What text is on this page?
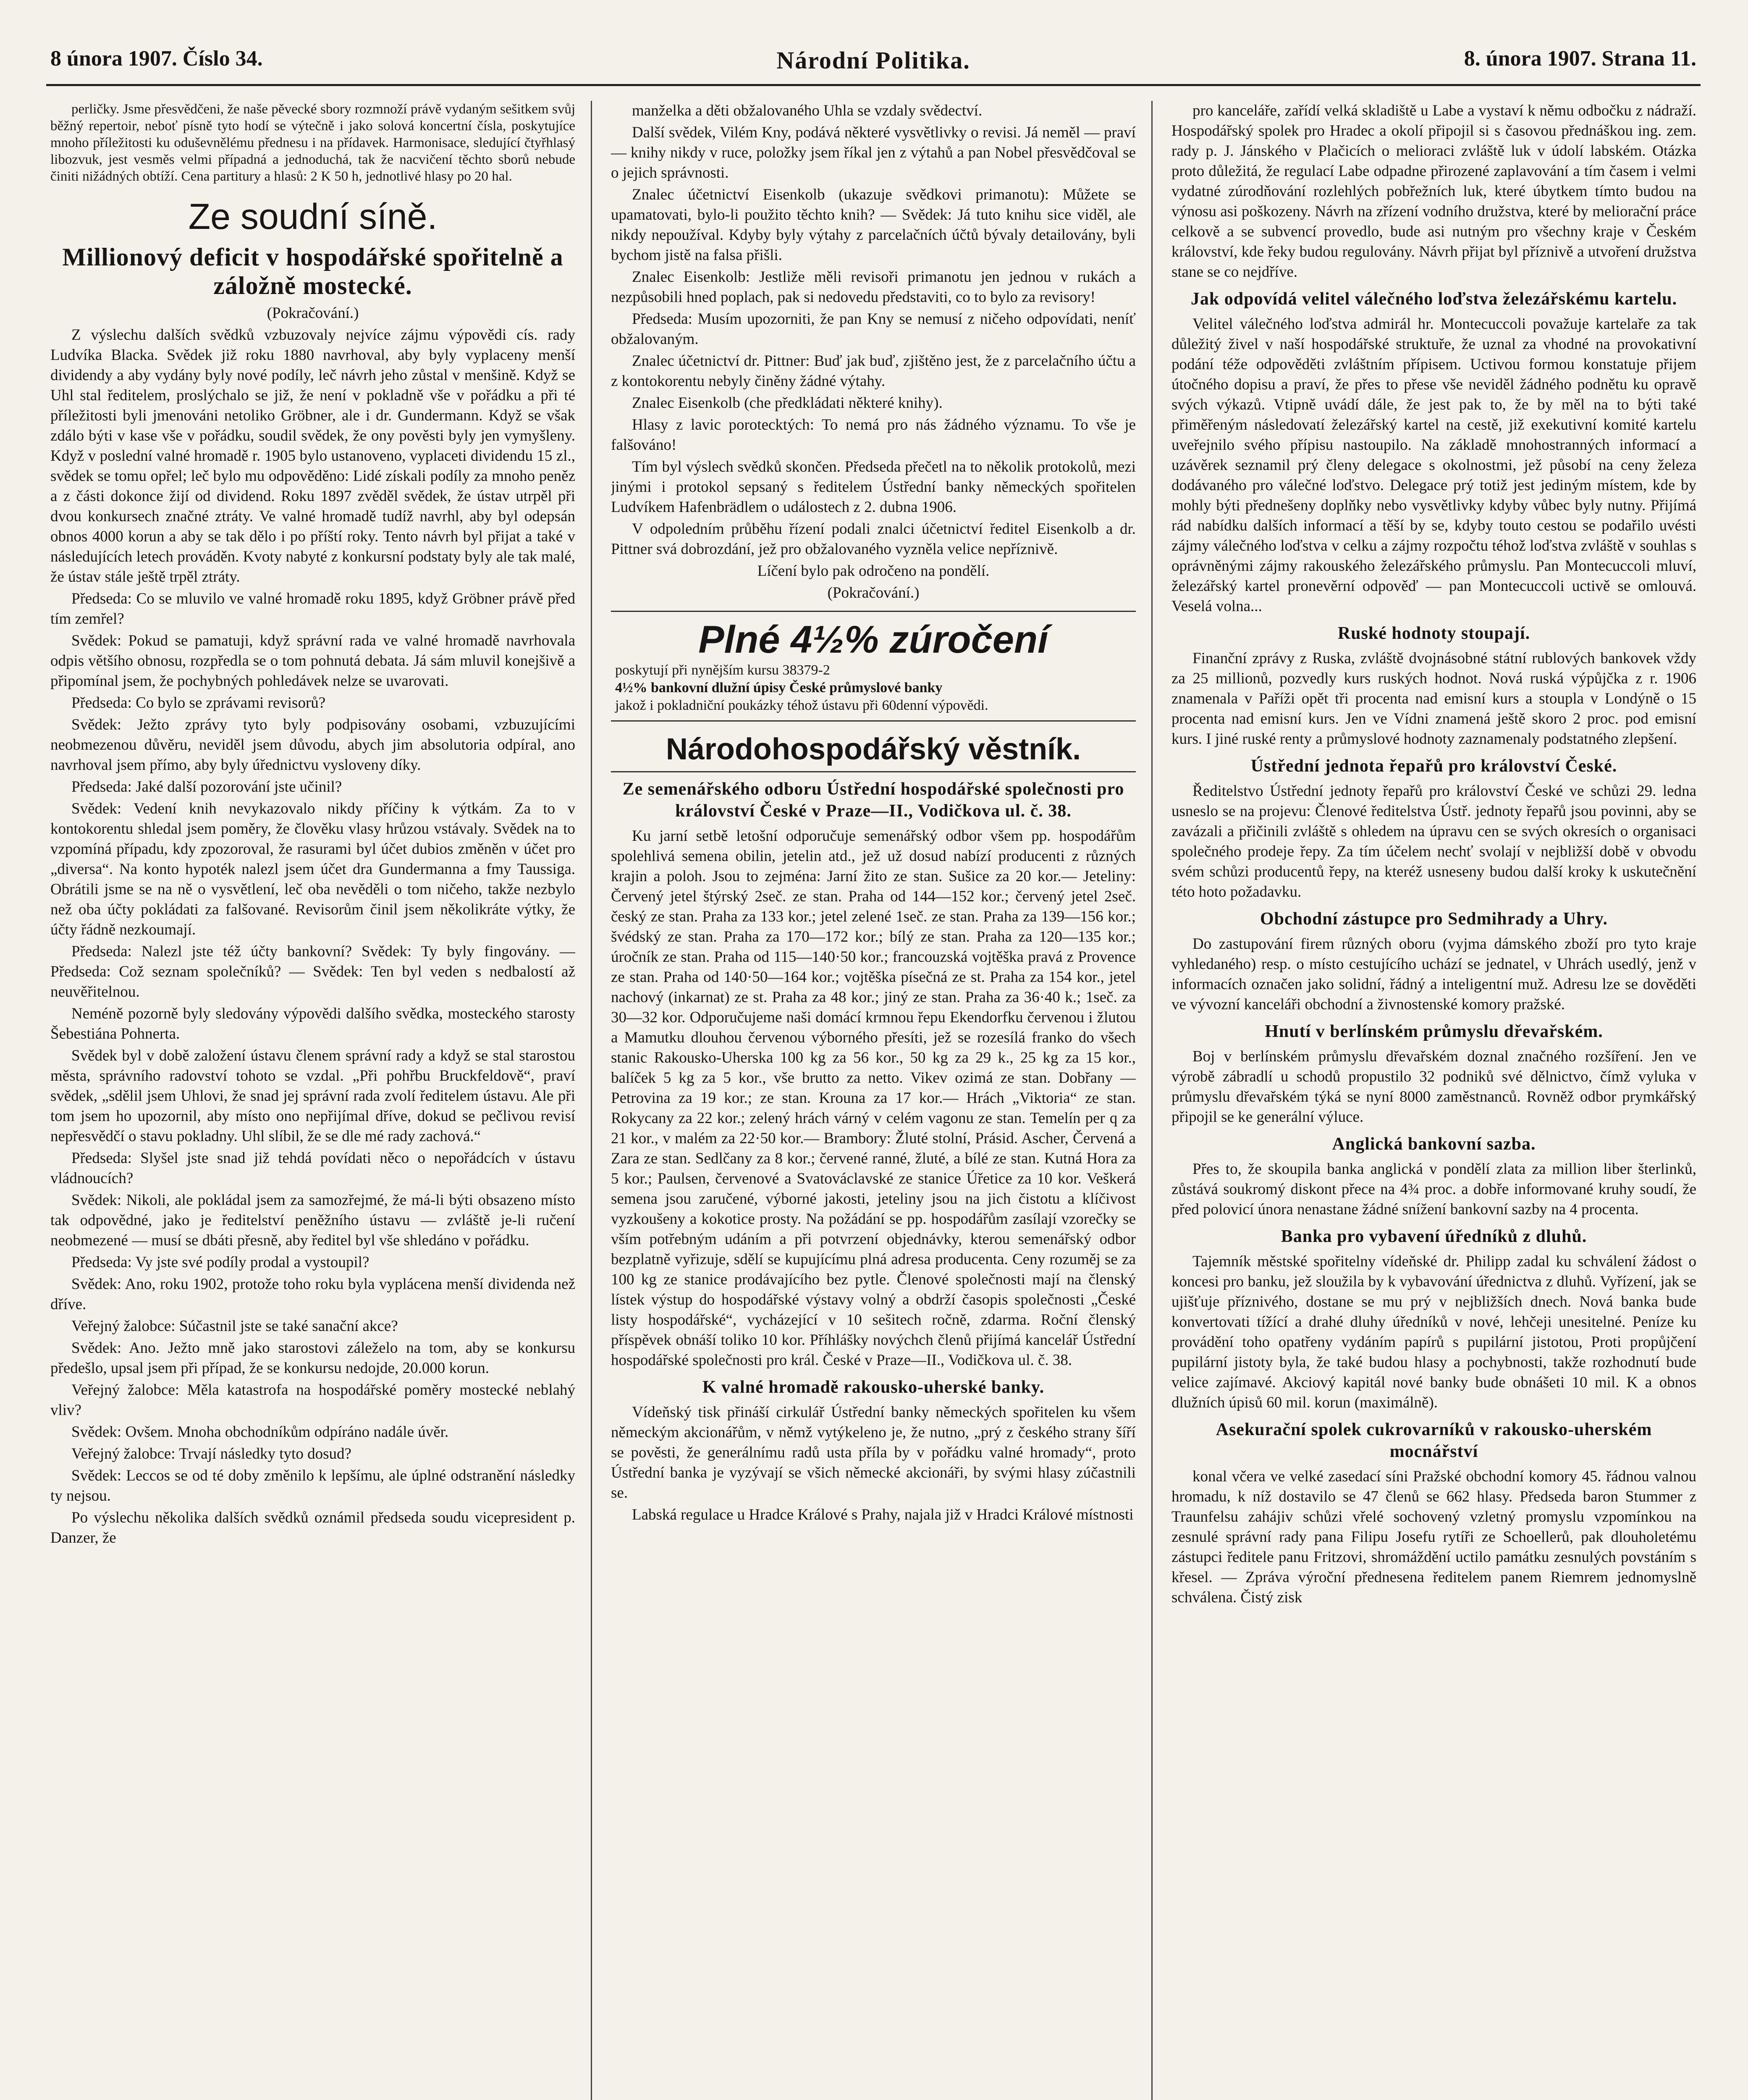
8 února 1907. Číslo 34.	Národní Politika.	8. února 1907. Strana 11.

perličky. Jsme přesvědčeni, že naše pěvecké sbory rozmnoží právě vydaným sešitkem svůj běžný repertoir, neboť písně tyto hodí se výtečně i jako solová koncertní čísla, poskytujíce mnoho příležitosti ku oduševnělému přednesu i na přídavek. Harmonisace, sledující čtyřhlasý libozvuk, jest vesměs velmi případná a jednoduchá, tak že nacvičení těchto sborů nebude činiti nižádných obtíží. Cena partitury a hlasů: 2 K 50 h, jednotlivé hlasy po 20 hal.

Ze soudní síně.
Millionový deficit v hospodářské spořitelně a záložně mostecké.

(Pokračování.)

Z výslechu dalších svědků vzbuzovaly nejvíce zájmu výpovědi cís. rady Ludvíka Blacka. Svědek již roku 1880 navrhoval, aby byly vyplaceny menší dividendy a aby vydány byly nové podíly, leč návrh jeho zůstal v menšině. Když se Uhl stal ředitelem, proslýchalo se již, že není v pokladně vše v pořádku a při té příležitosti byli jmenováni netoliko Gröbner, ale i dr. Gundermann. Když se však zdálo býti v kase vše v pořádku, soudil svědek, že ony pověsti byly jen vymyšleny. Když v poslední valné hromadě r. 1905 bylo ustanoveno, vyplaceti dividendu 15 zl., svědek se tomu opřel; leč bylo mu odpověděno: Lidé získali podíly za mnoho peněz a z části dokonce žijí od dividend. Roku 1897 zvěděl svědek, že ústav utrpěl při dvou konkursech značné ztráty. Ve valné hromadě tudíž navrhl, aby byl odepsán obnos 4000 korun a aby se tak dělo i po příští roky. Tento návrh byl přijat a také v následujících letech prováděn. Kvoty nabyté z konkursní podstaty byly ale tak malé, že ústav stále ještě trpěl ztráty.

Předseda: Co se mluvilo ve valné hromadě roku 1895, když Gröbner právě před tím zemřel?

Svědek: Pokud se pamatuji, když správní rada ve valné hromadě navrhovala odpis většího obnosu, rozpředla se o tom pohnutá debata. Já sám mluvil konejšivě a připomínal jsem, že pochybných pohledávek nelze se uvarovati.

Předseda: Co bylo se zprávami revisorů?

Svědek: Ježto zprávy tyto byly podpisovány osobami, vzbuzujícími neobmezenou důvěru, neviděl jsem důvodu, abych jim absolutoria odpíral, ano navrhoval jsem přímo, aby byly úřednictvu vysloveny díky.

Předseda: Jaké další pozorování jste učinil?

Svědek: Vedení knih nevykazovalo nikdy příčiny k výtkám. Za to v kontokorentu shledal jsem poměry, že člověku vlasy hrůzou vstávaly. Svědek na to vzpomíná případu, kdy zpozoroval, že rasurami byl účet dubios změněn v účet pro „diversa“. Na konto hypoték nalezl jsem účet dra Gundermanna a fmy Taussiga. Obrátili jsme se na ně o vysvětlení, leč oba nevěděli o tom ničeho, takže nezbylo než oba účty pokládati za falšované. Revisorům činil jsem několikráte výtky, že účty řádně nezkoumají.

Předseda: Nalezl jste též účty bankovní? Svědek: Ty byly fingovány. — Předseda: Což seznam společníků? — Svědek: Ten byl veden s nedbalostí až neuvěřitelnou.

Neméně pozorně byly sledovány výpovědi dalšího svědka, mosteckého starosty Šebestiána Pohnerta.

Svědek byl v době založení ústavu členem správní rady a když se stal starostou města, správního radovství tohoto se vzdal. „Při pohřbu Bruckfeldově“, praví svědek, „sdělil jsem Uhlovi, že snad jej správní rada zvolí ředitelem ústavu. Ale při tom jsem ho upozornil, aby místo ono nepřijímal dříve, dokud se pečlivou revisí nepřesvědčí o stavu pokladny. Uhl slíbil, že se dle mé rady zachová.“

Předseda: Slyšel jste snad již tehdá povídati něco o nepořádcích v ústavu vládnoucích?

Svědek: Nikoli, ale pokládal jsem za samozřejmé, že má-li býti obsazeno místo tak odpovědné, jako je ředitelství peněžního ústavu — zvláště je-li ručení neobmezené — musí se dbáti přesně, aby ředitel byl vše shledáno v pořádku.

Předseda: Vy jste své podíly prodal a vystoupil?

Svědek: Ano, roku 1902, protože toho roku byla vyplácena menší dividenda než dříve.

Veřejný žalobce: Súčastnil jste se také sanační akce?

Svědek: Ano. Ježto mně jako starostovi záleželo na tom, aby se konkursu předešlo, upsal jsem při případ, že se konkursu nedojde, 20.000 korun.

Veřejný žalobce: Měla katastrofa na hospodářské poměry mostecké neblahý vliv?

Svědek: Ovšem. Mnoha obchodníkům odpíráno nadále úvěr.

Veřejný žalobce: Trvají následky tyto dosud?

Svědek: Leccos se od té doby změnilo k lepšímu, ale úplné odstranění následky ty nejsou.

Po výslechu několika dalších svědků oznámil předseda soudu vicepresident p. Danzer, že

manželka a děti obžalovaného Uhla se vzdaly svědectví.

Další svědek, Vilém Kny, podává některé vysvětlivky o revisi. Já neměl — praví — knihy nikdy v ruce, položky jsem říkal jen z výtahů a pan Nobel přesvědčoval se o jejich správnosti.

Znalec účetnictví Eisenkolb (ukazuje svědkovi primanotu): Můžete se upamatovati, bylo-li použito těchto knih? — Svědek: Já tuto knihu sice viděl, ale nikdy nepoužíval. Kdyby byly výtahy z parcelačních účtů bývaly detailovány, byli bychom jistě na falsa přišli.

Znalec Eisenkolb: Jestliže měli revisoři primanotu jen jednou v rukách a nezpůsobili hned poplach, pak si nedovedu představiti, co to bylo za revisory!

Předseda: Musím upozorniti, že pan Kny se nemusí z ničeho odpovídati, neníť obžalovaným.

Znalec účetnictví dr. Pittner: Buď jak buď, zjištěno jest, že z parcelačního účtu a z kontokorentu nebyly činěny žádné výtahy.

Znalec Eisenkolb (che předkládati některé knihy).

Hlasy z lavic porotecktých: To nemá pro nás žádného významu. To vše je falšováno!

Tím byl výslech svědků skončen. Předseda přečetl na to několik protokolů, mezi jinými i protokol sepsaný s ředitelem Ústřední banky německých spořitelen Ludvíkem Hafenbrädlem o událostech z 2. dubna 1906.

V odpoledním průběhu řízení podali znalci účetnictví ředitel Eisenkolb a dr. Pittner svá dobrozdání, jež pro obžalovaného vyzněla velice nepříznivě.

Líčení bylo pak odročeno na pondělí.

(Pokračování.)

Plné 4½% zúročení
poskytují při nynějším kursu 38379-2
4½% bankovní dlužní úpisy České průmyslové banky
jakož i pokladniční poukázky téhož ústavu při 60denní výpovědi.
Národohospodářský věstník.
Ze semenářského odboru Ústřední hospodářské společnosti pro království České v Praze—II., Vodičkova ul. č. 38.

Ku jarní setbě letošní odporučuje semenářský odbor všem pp. hospodářům spolehlivá semena obilin, jetelin atd., jež už dosud nabízí producenti z různých krajin a poloh. Jsou to zejména: Jarní žito ze stan. Sušice za 20 kor.— Jeteliny: Červený jetel štýrský 2seč. ze stan. Praha od 144—152 kor.; červený jetel 2seč. český ze stan. Praha za 133 kor.; jetel zelené 1seč. ze stan. Praha za 139—156 kor.; švédský ze stan. Praha za 170—172 kor.; bílý ze stan. Praha za 120—135 kor.; úročník ze stan. Praha od 115—140·50 kor.; francouzská vojtěška pravá z Provence ze stan. Praha od 140·50—164 kor.; vojtěška písečná ze st. Praha za 154 kor., jetel nachový (inkarnat) ze st. Praha za 48 kor.; jiný ze stan. Praha za 36·40 k.; 1seč. za 30—32 kor. Odporučujeme naši domácí krmnou řepu Ekendorfku červenou i žlutou a Mamutku dlouhou červenou výborného přesíti, jež se rozesílá franko do všech stanic Rakousko-Uherska 100 kg za 56 kor., 50 kg za 29 k., 25 kg za 15 kor., balíček 5 kg za 5 kor., vše brutto za netto. Vikev ozimá ze stan. Dobřany — Petrovina za 19 kor.; ze stan. Krouna za 17 kor.— Hrách „Viktoria“ ze stan. Rokycany za 22 kor.; zelený hrách várný v celém vagonu ze stan. Temelín per q za 21 kor., v malém za 22·50 kor.— Brambory: Žluté stolní, Prásid. Ascher, Červená a Zara ze stan. Sedlčany za 8 kor.; červené ranné, žluté, a bílé ze stan. Kutná Hora za 5 kor.; Paulsen, červenové a Svatováclavské ze stanice Úřetice za 10 kor. Veškerá semena jsou zaručené, výborné jakosti, jeteliny jsou na jich čistotu a klíčivost vyzkoušeny a kokotice prosty. Na požádání se pp. hospodářům zasílají vzorečky se vším potřebným udáním a při potvrzení objednávky, kterou semenářský odbor bezplatně vyřizuje, sdělí se kupujícímu plná adresa producenta. Ceny rozuměj se za 100 kg ze stanice prodávajícího bez pytle. Členové společnosti mají na členský lístek výstup do hospodářské výstavy volný a obdrží časopis společnosti „České listy hospodářské“, vycházející v 10 sešitech ročně, zdarma. Roční členský příspěvek obnáší toliko 10 kor. Příhlášky novýchch členů přijímá kancelář Ústřední hospodářské společnosti pro král. České v Praze—II., Vodičkova ul. č. 38.

K valné hromadě rakousko-uherské banky.

Vídeňský tisk přináší cirkulář Ústřední banky německých spořitelen ku všem německým akcionářům, v němž vytýkeleno je, že nutno, „prý z českého strany šíří se pověsti, že generálnímu radů usta příla by v pořádku valné hromady“, proto Ústřední banka je vyzývají se všich německé akcionáři, by svými hlasy zúčastnili se.

Labská regulace u Hradce Králové s Prahy, najala již v Hradci Králové místnosti

pro kanceláře, zařídí velká skladiště u Labe a vystaví k němu odbočku z nádraží. Hospodářský spolek pro Hradec a okolí připojil si s časovou přednáškou ing. zem. rady p. J. Jánského v Plačicích o melioraci zvláště luk v údolí labském. Otázka proto důležitá, že regulací Labe odpadne přirozené zaplavování a tím časem i velmi vydatné zúrodňování rozlehlých pobřežních luk, které úbytkem tímto budou na výnosu asi poškozeny. Návrh na zřízení vodního družstva, které by meliorační práce celkově a se subvencí provedlo, bude asi nutným pro všechny kraje v Českém království, kde řeky budou regulovány. Návrh přijat byl příznivě a utvoření družstva stane se co nejdříve.

Jak odpovídá velitel válečného loďstva železářskému kartelu.

Velitel válečného loďstva admirál hr. Montecuccoli považuje kartelaře za tak důležitý živel v naší hospodářské struktuře, že uznal za vhodné na provokativní podání téže odpověděti zvláštním přípisem. Uctivou formou konstatuje přijem útočného dopisu a praví, že přes to přese vše neviděl žádného podnětu ku opravě svých výkazů. Vtipně uvádí dále, že jest pak to, že by měl na to býti také přiměřeným následovatí železářský kartel na cestě, již exekutivní komité kartelu uveřejnilo svého přípisu nastoupilo. Na základě mnohostranných informací a uzávěrek seznamil prý členy delegace s okolnostmi, jež působí na ceny železa dodávaného pro válečné loďstvo. Delegace prý totiž jest jediným místem, kde by mohly býti přednešeny doplňky nebo vysvětlivky kdyby vůbec byly nutny. Přijímá rád nabídku dalších informací a těší by se, kdyby touto cestou se podařilo uvésti zájmy válečného loďstva v celku a zájmy rozpočtu téhož loďstva zvláště v souhlas s oprávněnými zájmy rakouského železářského průmyslu. Pan Montecuccoli mluví, železářský kartel pronevěrní odpověď — pan Montecuccoli uctivě se omlouvá. Veselá volna...

Ruské hodnoty stoupají.

Finanční zprávy z Ruska, zvláště dvojnásobné státní rublových bankovek vždy za 25 millionů, pozvedly kurs ruských hodnot. Nová ruská výpůjčka z r. 1906 znamenala v Paříži opět tři procenta nad emisní kurs a stoupla v Londýně o 15 procenta nad emisní kurs. Jen ve Vídni znamená ještě skoro 2 proc. pod emisní kurs. I jiné ruské renty a průmyslové hodnoty zaznamenaly podstatného zlepšení.

Ústřední jednota řepařů pro království České.

Ředitelstvo Ústřední jednoty řepařů pro království České ve schůzi 29. ledna usneslo se na projevu: Členové ředitelstva Ústř. jednoty řepařů jsou povinni, aby se zavázali a přičinili zvláště s ohledem na úpravu cen se svých okresích o organisaci společného prodeje řepy. Za tím účelem nechť svolají v nejbližší době v obvodu svém schůzi producentů řepy, na kteréž usneseny budou další kroky k uskutečnění této hoto požadavku.

Obchodní zástupce pro Sedmihrady a Uhry.

Do zastupování firem různých oboru (vyjma dámského zboží pro tyto kraje vyhledaného) resp. o místo cestujícího uchází se jednatel, v Uhrách usedlý, jenž v informacích označen jako solidní, řádný a inteligentní muž. Adresu lze se dověděti ve vývozní kanceláři obchodní a živnostenské komory pražské.

Hnutí v berlínském průmyslu dřevařském.

Boj v berlínském průmyslu dřevařském doznal značného rozšíření. Jen ve výrobě zábradlí u schodů propustilo 32 podniků své dělnictvo, čímž vyluka v průmyslu dřevařském týká se nyní 8000 zaměstnanců. Rovněž odbor prymkářský připojil se ke generální výluce.

Anglická bankovní sazba.

Přes to, že skoupila banka anglická v pondělí zlata za million liber šterlinků, zůstává soukromý diskont přece na 4¾ proc. a dobře informované kruhy soudí, že před polovicí února nenastane žádné snížení bankovní sazby na 4 procenta.

Banka pro vybavení úředníků z dluhů.

Tajemník městské spořitelny vídeňské dr. Philipp zadal ku schválení žádost o koncesi pro banku, jež sloužila by k vybavování úřednictva z dluhů. Vyřízení, jak se ujišťuje příznivého, dostane se mu prý v nejbližších dnech. Nová banka bude konvertovati tížící a drahé dluhy úředníků v nové, lehčeji unesitelné. Peníze ku provádění toho opatřeny vydáním papírů s pupilární jistotou, Proti propůjčení pupilární jistoty byla, že také budou hlasy a pochybnosti, takže rozhodnutí bude velice zajímavé. Akciový kapitál nové banky bude obnášeti 10 mil. K a obnos dlužních úpisů 60 mil. korun (maximálně).

Asekurační spolek cukrovarníků v rakousko-uherském mocnářství

konal včera ve velké zasedací síni Pražské obchodní komory 45. řádnou valnou hromadu, k níž dostavilo se 47 členů se 662 hlasy. Předseda baron Stummer z Traunfelsu zahájiv schůzi vřelé sochovený vzletný promyslu vzpomínkou na zesnulé správní rady pana Filipu Josefu rytíři ze Schoellerů, pak dlouholetému zástupci ředitele panu Fritzovi, shromáždění uctilo památku zesnulých povstáním s křesel. — Zpráva výroční přednesena ředitelem panem Riemrem jednomyslně schválena. Čistý zisk
